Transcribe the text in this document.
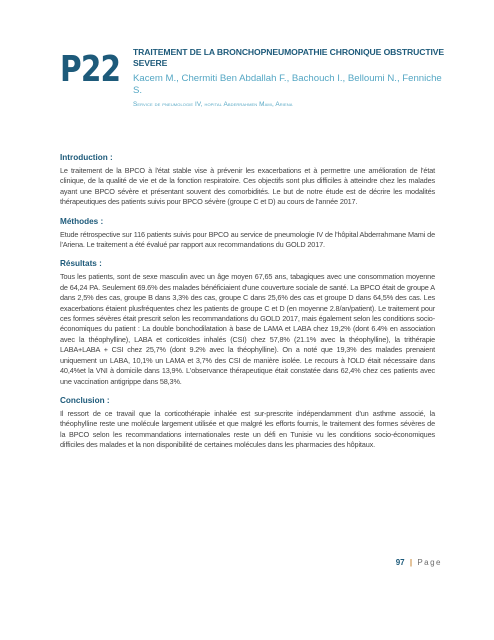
P22 TRAITEMENT DE LA BRONCHOPNEUMOPATHIE CHRONIQUE OBSTRUCTIVE SEVERE
Kacem M., Chermiti Ben Abdallah F., Bachouch I., Belloumi N., Fenniche S.
Service de pneumologie IV, hopital Abderrahmen Mami, Ariena
Introduction :

Le traitement de la BPCO à l'état stable vise à prévenir les exacerbations et à permettre une amélioration de l'état clinique, de la qualité de vie et de la fonction respiratoire. Ces objectifs sont plus difficiles à atteindre chez les malades ayant une BPCO sévère et présentant souvent des comorbidités. Le but de notre étude est de décrire les modalités thérapeutiques des patients suivis pour BPCO sévère (groupe C et D) au cours de l'année 2017.

Méthodes :

Etude rétrospective sur 116 patients suivis pour BPCO au service de pneumologie IV de l'hôpital Abderrahmane Mami de l'Ariena. Le traitement a été évalué par rapport aux recommandations du GOLD 2017.

Résultats :

Tous les patients, sont de sexe masculin avec un âge moyen 67,65 ans, tabagiques avec une consommation moyenne de 64,24 PA. Seulement 69.6% des malades bénéficiaient d'une couverture sociale de santé. La BPCO était de groupe A dans 2,5% des cas, groupe B dans 3,3% des cas, groupe C dans 25,6% des cas et groupe D dans 64,5% des cas. Les exacerbations étaient plusfréquentes chez les patients de groupe C et D (en moyenne 2.8/an/patient). Le traitement pour ces formes sévères était prescrit selon les recommandations du GOLD 2017, mais également selon les conditions socio-économiques du patient : La double bonchodilatation à base de LAMA et LABA chez 19,2% (dont 6.4% en association avec la théophylline), LABA et corticoïdes inhalés (CSI) chez 57,8% (21.1% avec la théophylline), la trithérapie LABA+LABA + CSI chez 25,7% (dont 9.2% avec la théophylline). On a noté que 19,3% des malades prenaient uniquement un LABA, 10,1% un LAMA et 3,7% des CSI de manière isolée. Le recours à l'OLD était nécessaire dans 40,4%et la VNI à domicile dans 13,9%. L'observance thérapeutique était constatée dans 62,4% chez ces patients avec une vaccination antigrippe dans 58,3%.

Conclusion :

Il ressort de ce travail que la corticothérapie inhalée est sur-prescrite indépendamment d'un asthme associé, la théophylline reste une molécule largement utilisée et que malgré les efforts fournis, le traitement des formes sévères de la BPCO selon les recommandations internationales reste un défi en Tunisie vu les conditions socio-économiques difficiles des malades et la non disponibilité de certaines molécules dans les pharmacies des hôpitaux.

97 | Page
